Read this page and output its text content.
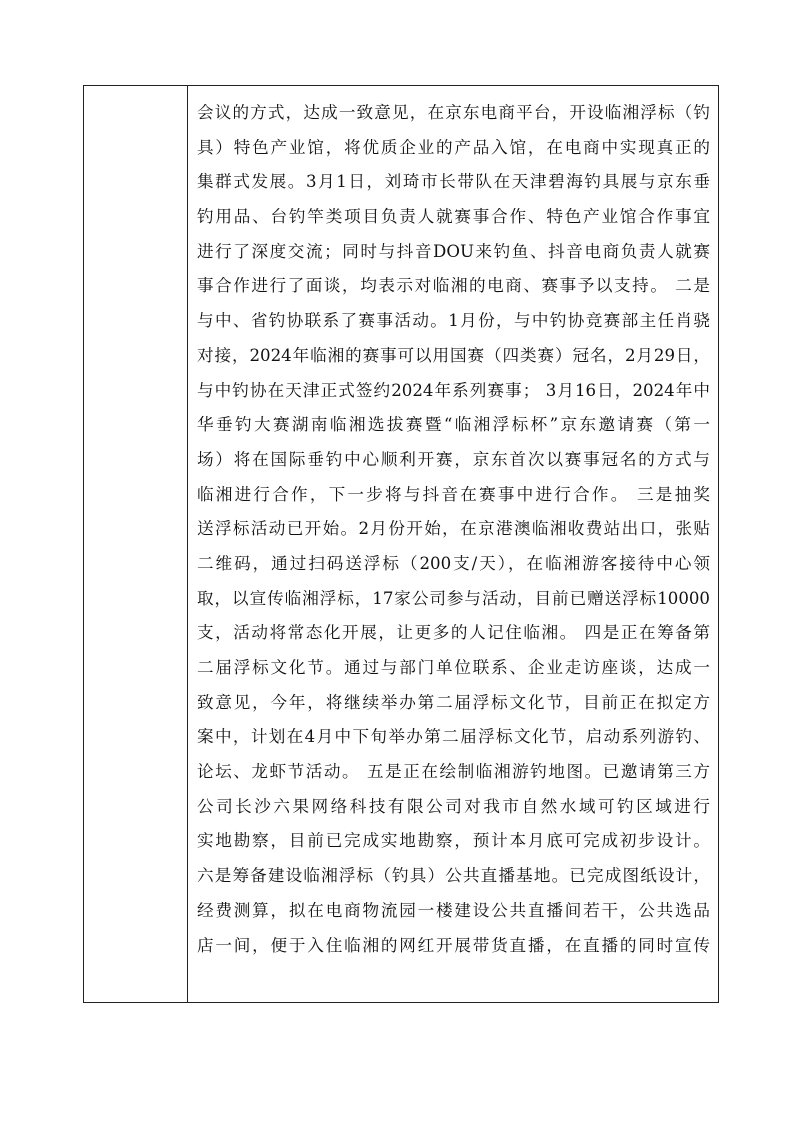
会议的方式，达成一致意见，在京东电商平台，开设临湘浮标（钓
具）特色产业馆，将优质企业的产品入馆，在电商中实现真正的
集群式发展。3月1日，刘琦市长带队在天津碧海钓具展与京东垂
钓用品、台钓竿类项目负责人就赛事合作、特色产业馆合作事宜
进行了深度交流；同时与抖音DOU来钓鱼、抖音电商负责人就赛
事合作进行了面谈，均表示对临湘的电商、赛事予以支持。 二是
与中、省钓协联系了赛事活动。1月份，与中钓协竞赛部主任肖骁
对接，2024年临湘的赛事可以用国赛（四类赛）冠名，2月29日，
与中钓协在天津正式签约2024年系列赛事； 3月16日，2024年中
华垂钓大赛湖南临湘选拔赛暨“临湘浮标杯”京东邀请赛（第一
场）将在国际垂钓中心顺利开赛，京东首次以赛事冠名的方式与
临湘进行合作，下一步将与抖音在赛事中进行合作。 三是抽奖
送浮标活动已开始。2月份开始，在京港澳临湘收费站出口，张贴
二维码，通过扫码送浮标（200支/天），在临湘游客接待中心领
取，以宣传临湘浮标，17家公司参与活动，目前已赠送浮标10000
支，活动将常态化开展，让更多的人记住临湘。 四是正在筹备第
二届浮标文化节。通过与部门单位联系、企业走访座谈，达成一
致意见，今年，将继续举办第二届浮标文化节，目前正在拟定方
案中，计划在4月中下旬举办第二届浮标文化节，启动系列游钓、
论坛、龙虾节活动。 五是正在绘制临湘游钓地图。已邀请第三方
公司长沙六果网络科技有限公司对我市自然水域可钓区域进行
实地勘察，目前已完成实地勘察，预计本月底可完成初步设计。
六是筹备建设临湘浮标（钓具）公共直播基地。已完成图纸设计，
经费测算，拟在电商物流园一楼建设公共直播间若干，公共选品
店一间，便于入住临湘的网红开展带货直播，在直播的同时宣传
